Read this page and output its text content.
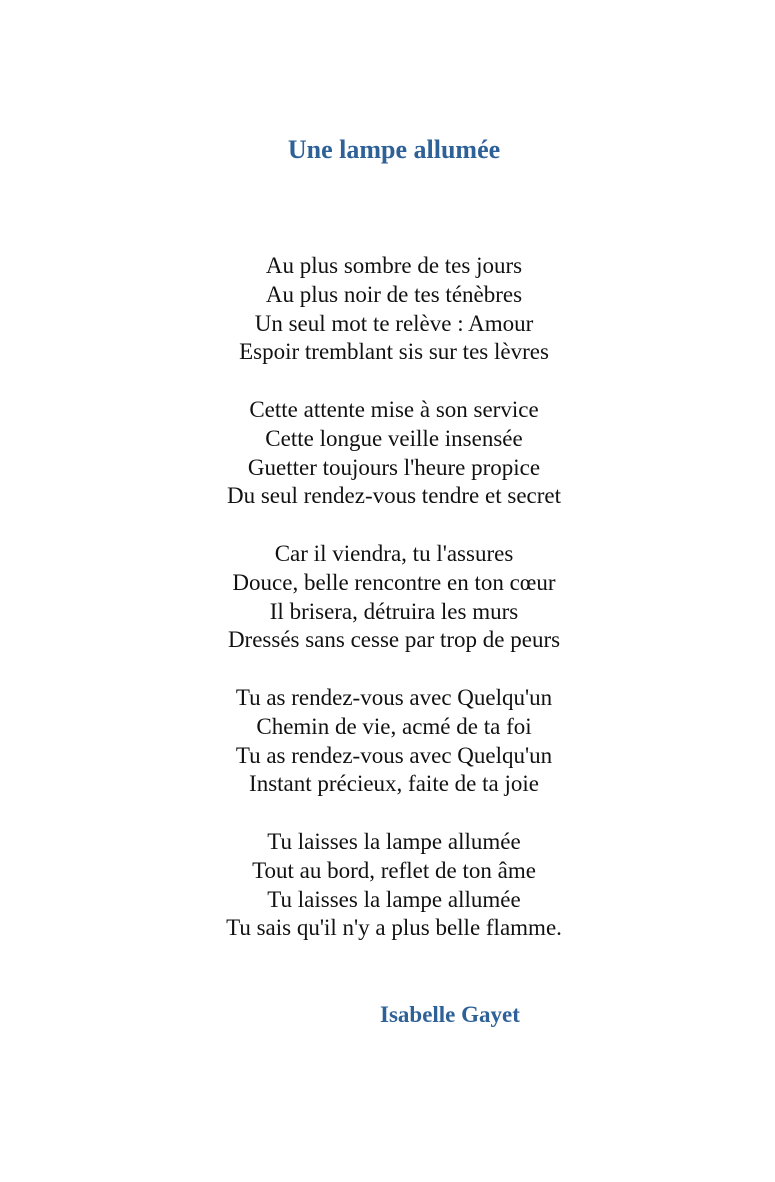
Une lampe allumée
Au plus sombre de tes jours
Au plus noir de tes ténèbres
Un seul mot te relève : Amour
Espoir tremblant sis sur tes lèvres
Cette attente mise à son service
Cette longue veille insensée
Guetter toujours l'heure propice
Du seul rendez-vous tendre et secret
Car il viendra, tu l'assures
Douce, belle rencontre en ton cœur
Il brisera, détruira les murs
Dressés sans cesse par trop de peurs
Tu as rendez-vous avec Quelqu'un
Chemin de vie, acmé de ta foi
Tu as rendez-vous avec Quelqu'un
Instant précieux, faite de ta joie
Tu laisses la lampe allumée
Tout au bord, reflet de ton âme
Tu laisses la lampe allumée
Tu sais qu'il n'y a plus belle flamme.

Isabelle Gayet
